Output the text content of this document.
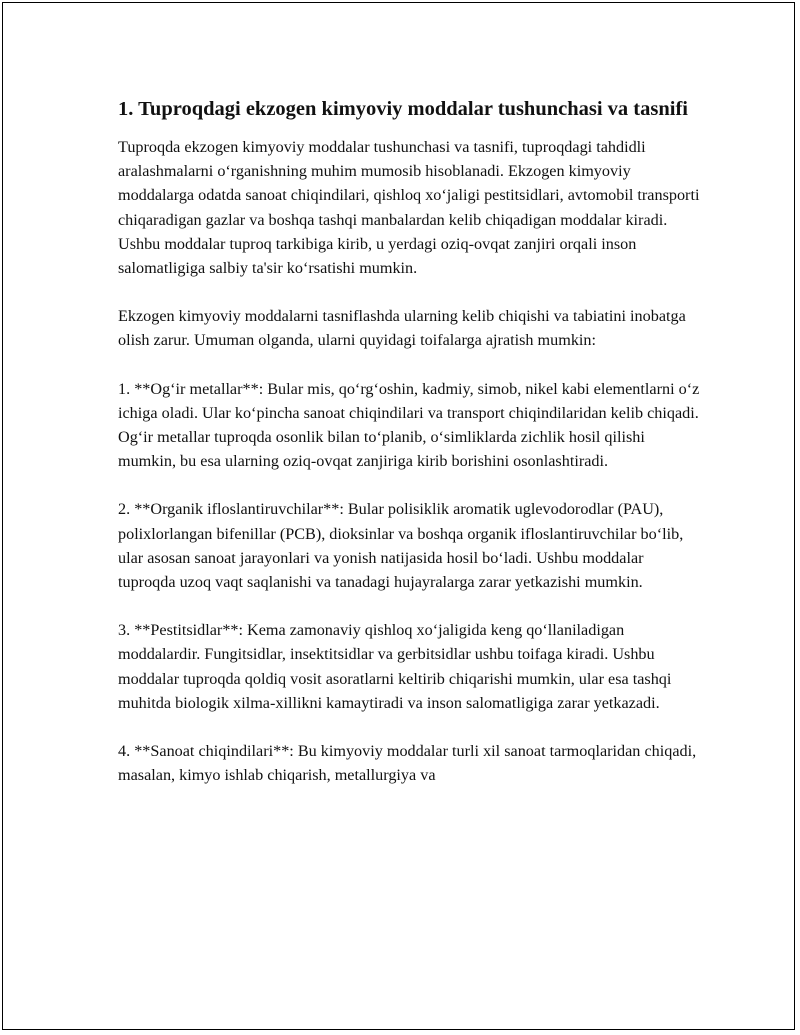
1. Tuproqdagi ekzogen kimyoviy moddalar tushunchasi va tasnifi

Tuproqda ekzogen kimyoviy moddalar tushunchasi va tasnifi, tuproqdagi tahdidli aralashmalarni o‘rganishning muhim mumosib hisoblanadi. Ekzogen kimyoviy moddalarga odatda sanoat chiqindilari, qishloq xo‘jaligi pestitsidlari, avtomobil transporti chiqaradigan gazlar va boshqa tashqi manbalardan kelib chiqadigan moddalar kiradi. Ushbu moddalar tuproq tarkibiga kirib, u yerdagi oziq-ovqat zanjiri orqali inson salomatligiga salbiy ta'sir ko‘rsatishi mumkin.

Ekzogen kimyoviy moddalarni tasniflashda ularning kelib chiqishi va tabiatini inobatga olish zarur. Umuman olganda, ularni quyidagi toifalarga ajratish mumkin:

1. **Og‘ir metallar**: Bular mis, qo‘rg‘oshin, kadmiy, simob, nikel kabi elementlarni o‘z ichiga oladi. Ular ko‘pincha sanoat chiqindilari va transport chiqindilaridan kelib chiqadi. Og‘ir metallar tuproqda osonlik bilan to‘planib, o‘simliklarda zichlik hosil qilishi mumkin, bu esa ularning oziq-ovqat zanjiriga kirib borishini osonlashtiradi.

2. **Organik ifloslantiruvchilar**: Bular polisiklik aromatik uglevodorodlar (PAU), polixlorlangan bifenillar (PCB), dioksinlar va boshqa organik ifloslantiruvchilar bo‘lib, ular asosan sanoat jarayonlari va yonish natijasida hosil bo‘ladi. Ushbu moddalar tuproqda uzoq vaqt saqlanishi va tanadagi hujayralarga zarar yetkazishi mumkin.

3. **Pestitsidlar**: Kema zamonaviy qishloq xo‘jaligida keng qo‘llaniladigan moddalardir. Fungitsidlar, insektitsidlar va gerbitsidlar ushbu toifaga kiradi. Ushbu moddalar tuproqda qoldiq vosit asoratlarni keltirib chiqarishi mumkin, ular esa tashqi muhitda biologik xilma-xillikni kamaytiradi va inson salomatligiga zarar yetkazadi.

4. **Sanoat chiqindilari**: Bu kimyoviy moddalar turli xil sanoat tarmoqlaridan chiqadi, masalan, kimyo ishlab chiqarish, metallurgiya va
